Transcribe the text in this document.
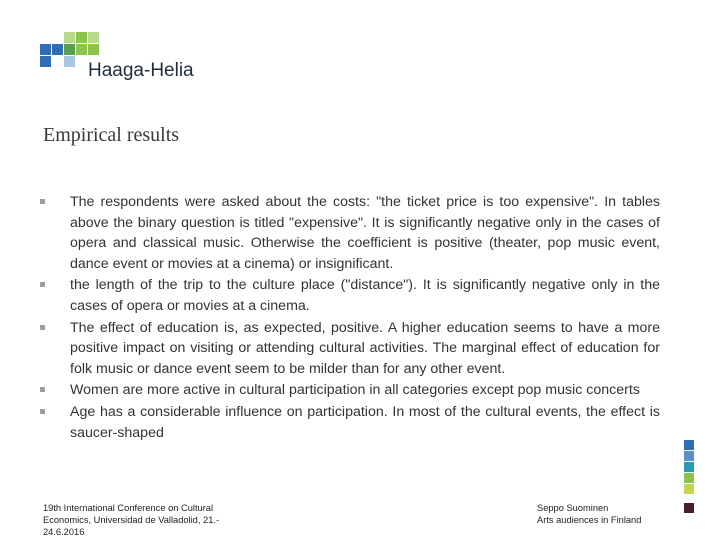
Haaga-Helia
Empirical results
The respondents were asked about the costs: "the ticket price is too expensive". In tables above the binary question is titled "expensive". It is significantly negative only in the cases of opera and classical music. Otherwise the coefficient is positive (theater, pop music event, dance event or movies at a cinema) or insignificant.
the length of the trip to the culture place ("distance"). It is significantly negative only in the cases of opera or movies at a cinema.
The effect of education is, as expected, positive. A higher education seems to have a more positive impact on visiting or attending cultural activities. The marginal effect of education for folk music or dance event seem to be milder than for any other event.
Women are more active in cultural participation in all categories except pop music concerts
Age has a considerable influence on participation. In most of the cultural events, the effect is saucer-shaped
19th International Conference on Cultural
Economics, Universidad de Valladolid, 21.-
24.6.2016
Seppo Suominen
Arts audiences in Finland
